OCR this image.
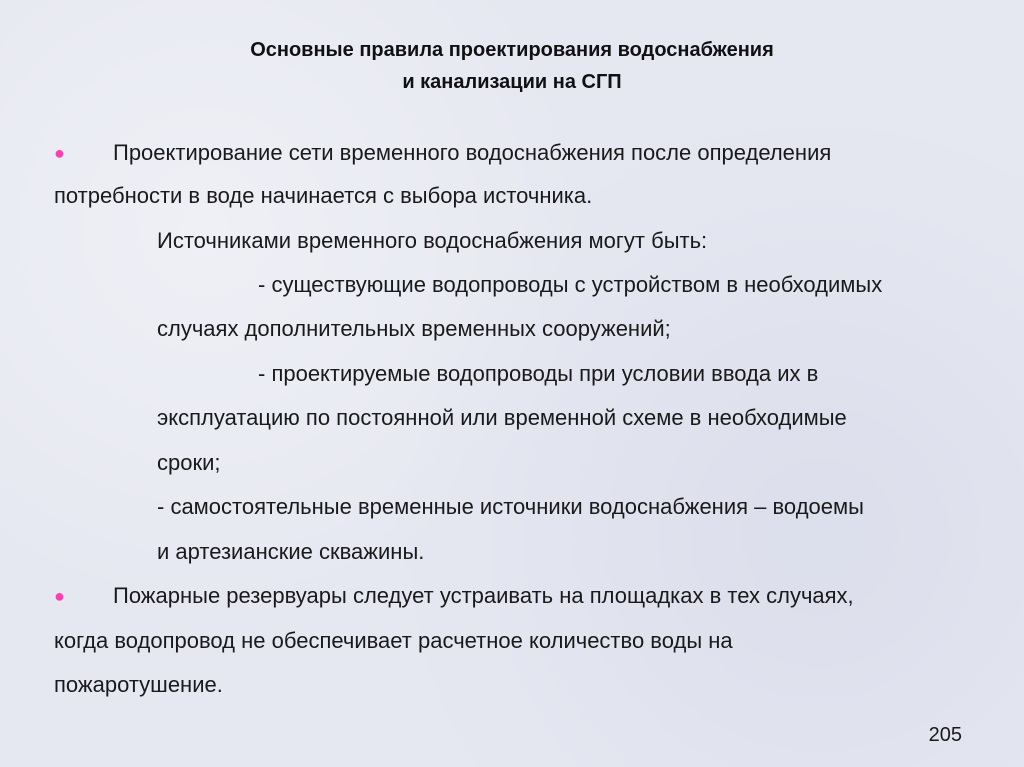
Основные правила проектирования водоснабжения
и канализации на СГП
● Проектирование сети временного водоснабжения после определения
потребности в воде начинается с выбора источника.
Источниками временного водоснабжения могут быть:
- существующие водопроводы с устройством в необходимых
случаях дополнительных временных сооружений;
- проектируемые водопроводы при условии ввода их в
эксплуатацию по постоянной или временной схеме в необходимые
сроки;
- самостоятельные временные источники водоснабжения – водоемы
и артезианские скважины.
● Пожарные резервуары следует устраивать на площадках в тех случаях,
когда водопровод не обеспечивает расчетное количество воды на
пожаротушение.
205
